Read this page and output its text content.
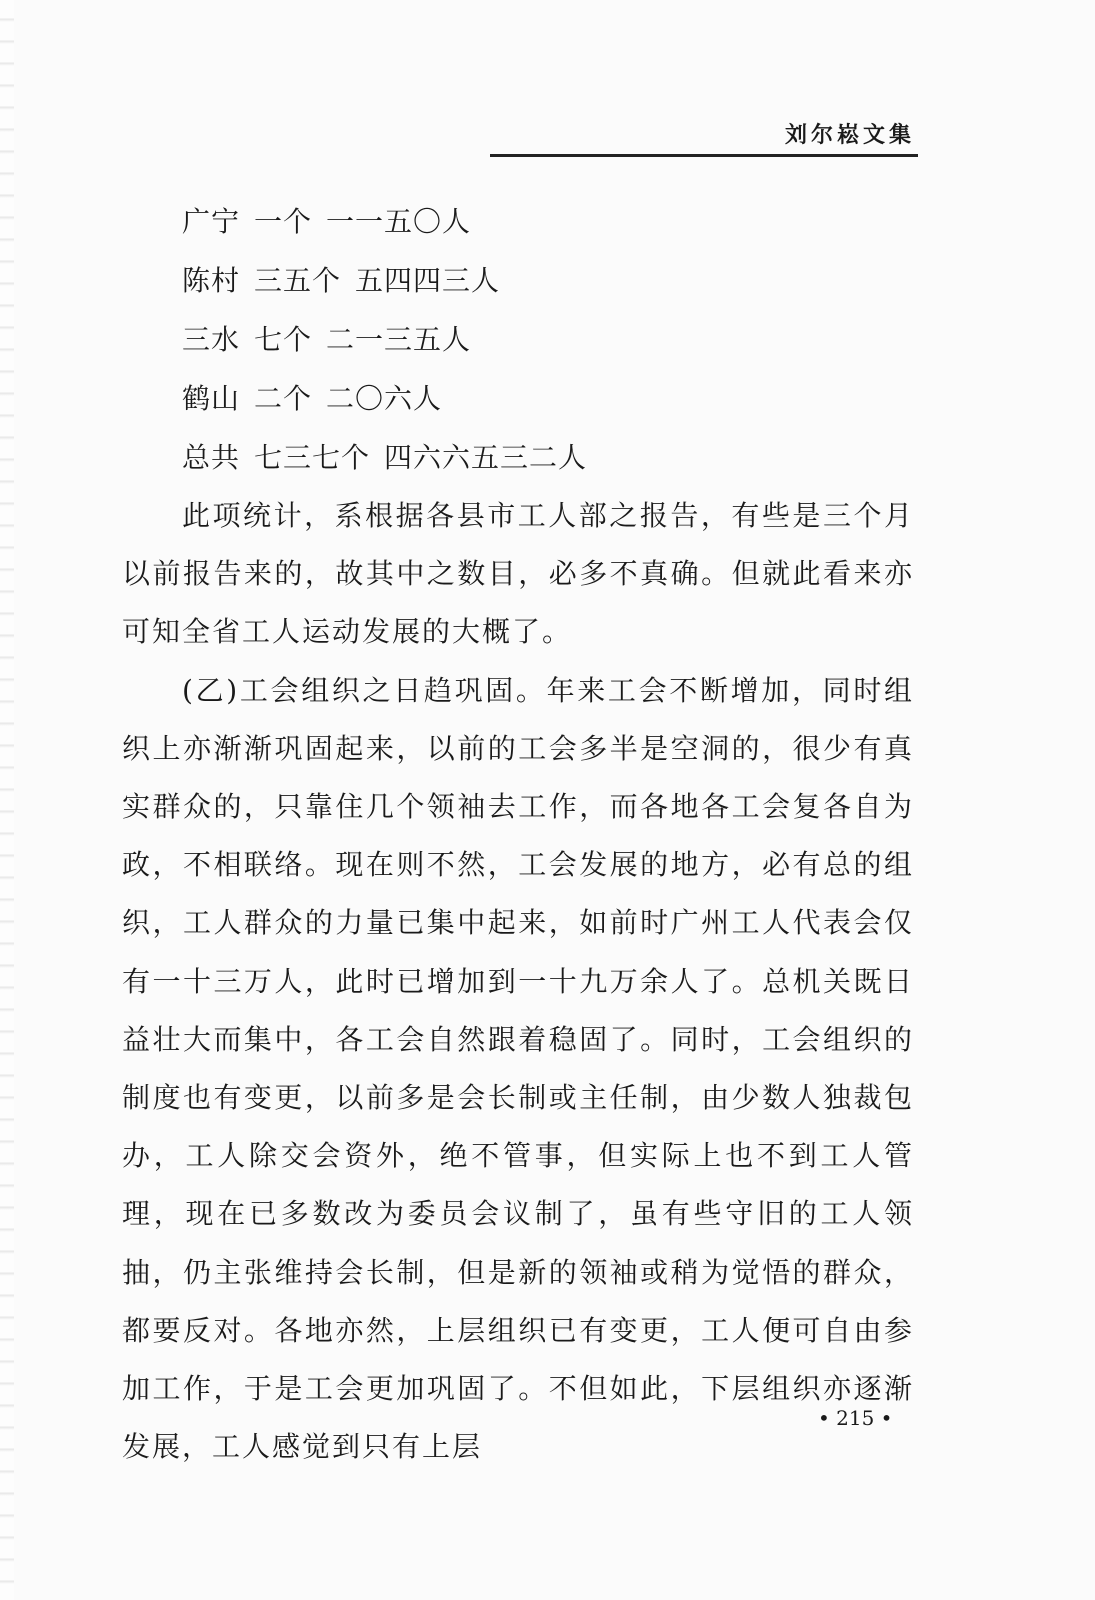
刘尔崧文集
广宁 一个 一一五〇人
陈村 三五个 五四四三人
三水 七个 二一三五人
鹤山 二个 二〇六人
总共 七三七个 四六六五三二人

此项统计，系根据各县市工人部之报告，有些是三个月以前报告来的，故其中之数目，必多不真确。但就此看来亦可知全省工人运动发展的大概了。

(乙)工会组织之日趋巩固。年来工会不断增加，同时组织上亦渐渐巩固起来，以前的工会多半是空洞的，很少有真实群众的，只靠住几个领袖去工作，而各地各工会复各自为政，不相联络。现在则不然，工会发展的地方，必有总的组织，工人群众的力量已集中起来，如前时广州工人代表会仅有一十三万人，此时已增加到一十九万余人了。总机关既日益壮大而集中，各工会自然跟着稳固了。同时，工会组织的制度也有变更，以前多是会长制或主任制，由少数人独裁包办，工人除交会资外，绝不管事，但实际上也不到工人管理，现在已多数改为委员会议制了，虽有些守旧的工人领抽，仍主张维持会长制，但是新的领袖或稍为觉悟的群众，都要反对。各地亦然，上层组织已有变更，工人便可自由参加工作，于是工会更加巩固了。不但如此，下层组织亦逐渐发展，工人感觉到只有上层

• 215 •
